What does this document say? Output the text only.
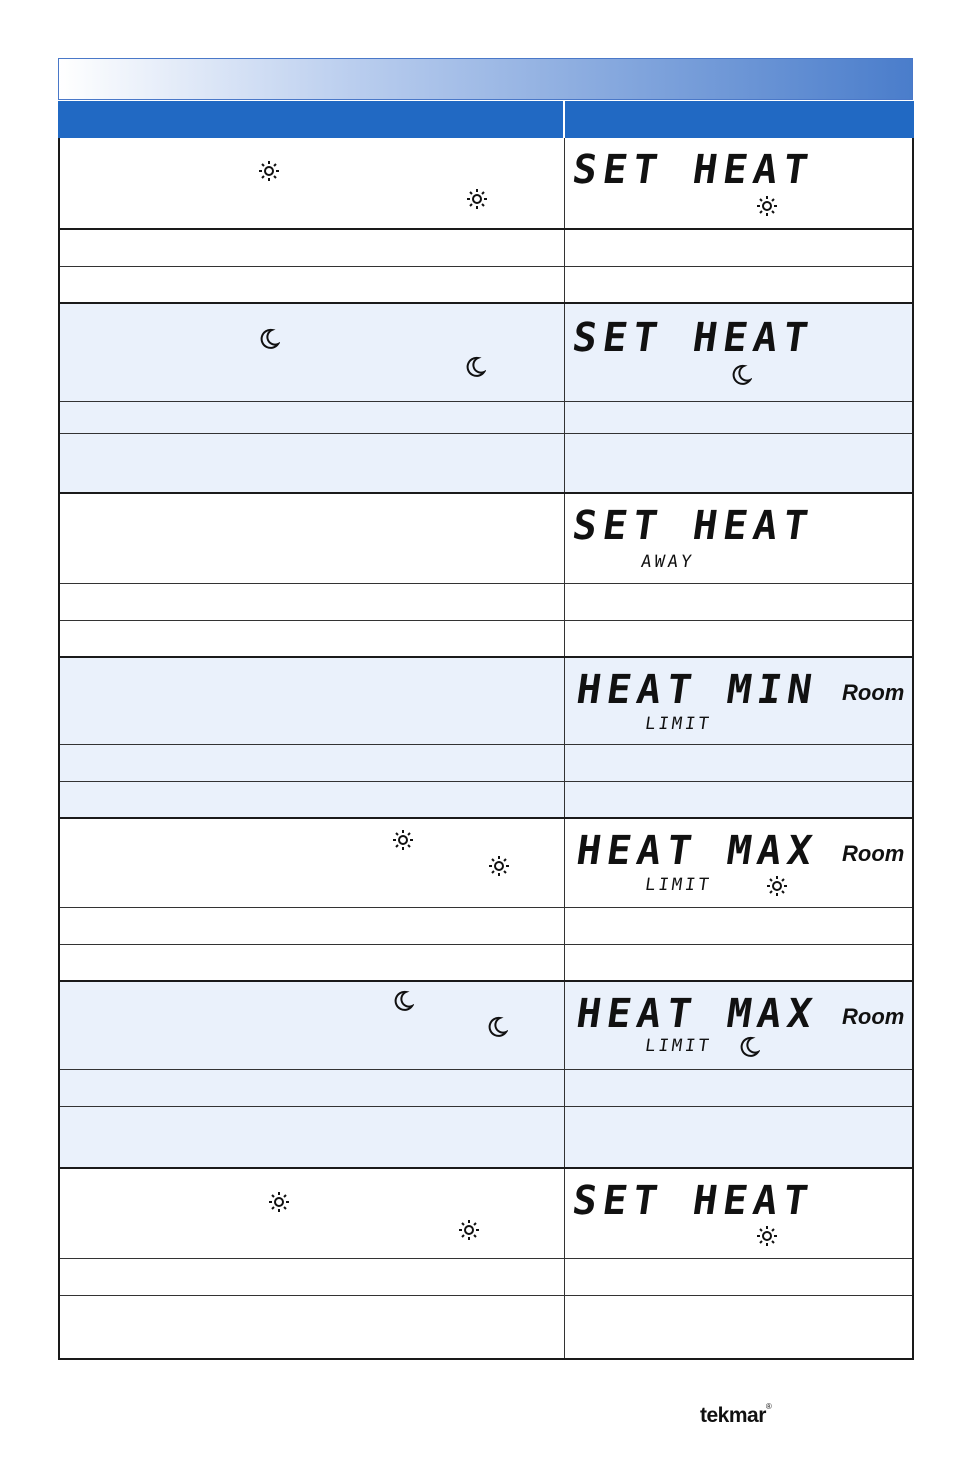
SET HEAT
SET HEAT
SET HEAT
AWAY
HEAT MIN Room
LIMIT
HEAT MAX Room
LIMIT
HEAT MAX Room
LIMIT
SET HEAT
tekmar®
